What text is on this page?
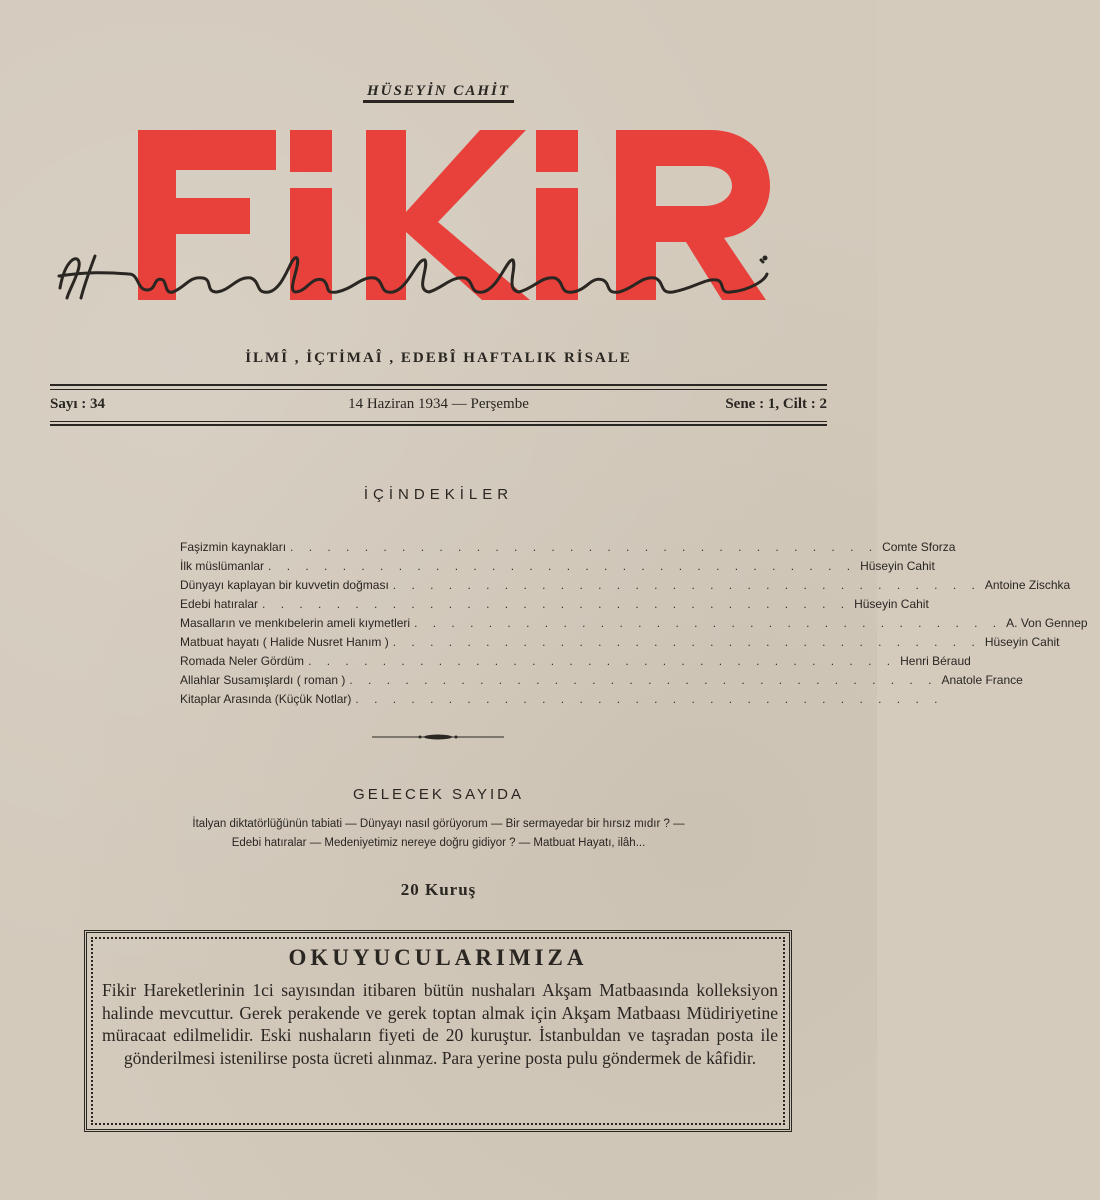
HÜSEYİN CAHİT
İLMÎ , İÇTİMAÎ , EDEBÎ HAFTALIK RİSALE
Sayı : 34	14 Haziran 1934 — Perşembe	Sene : 1, Cilt : 2
İÇİNDEKİLER
Faşizmin kaynakları . . . . . . . . . . . . . . . . . . . . . . . . . . . . . . . . Comte Sforza
İlk müslümanlar . . . . . . . . . . . . . . . . . . . . . . . . . . . . . . . . Hüseyin Cahit
Dünyayı kaplayan bir kuvvetin doğması . . . . . . . . . . . . . . . . . . . . . . . . . . . . . . . . Antoine Zischka
Edebi hatıralar . . . . . . . . . . . . . . . . . . . . . . . . . . . . . . . . Hüseyin Cahit
Masalların ve menkıbelerin ameli kıymetleri . . . . . . . . . . . . . . . . . . . . . . . . . . . . . . . . A. Von Gennep
Matbuat hayatı ( Halide Nusret Hanım ) . . . . . . . . . . . . . . . . . . . . . . . . . . . . . . . . Hüseyin Cahit
Romada Neler Gördüm . . . . . . . . . . . . . . . . . . . . . . . . . . . . . . . . Henri Béraud
Allahlar Susamışlardı ( roman ) . . . . . . . . . . . . . . . . . . . . . . . . . . . . . . . . Anatole France
Kitaplar Arasında (Küçük Notlar) . . . . . . . . . . . . . . . . . . . . . . . . . . . . . . . .
GELECEK SAYIDA
İtalyan diktatörlüğünün tabiati — Dünyayı nasıl görüyorum — Bir sermayedar bir hırsız mıdır ? —
Edebi hatıralar — Medeniyetimiz nereye doğru gidiyor ? — Matbuat Hayatı, ilâh...
20 Kuruş
OKUYUCULARIMIZA

Fikir Hareketlerinin 1ci sayısından itibaren bütün nushaları Akşam Matbaasında kolleksiyon halinde mevcuttur. Gerek perakende ve gerek toptan almak için Akşam Matbaası Müdiriyetine müracaat edilmelidir. Eski nushaların fiyeti de 20 kuruştur. İstanbuldan ve taşradan posta ile gönderilmesi istenilirse posta ücreti alınmaz. Para yerine posta pulu göndermek de kâfidir.
